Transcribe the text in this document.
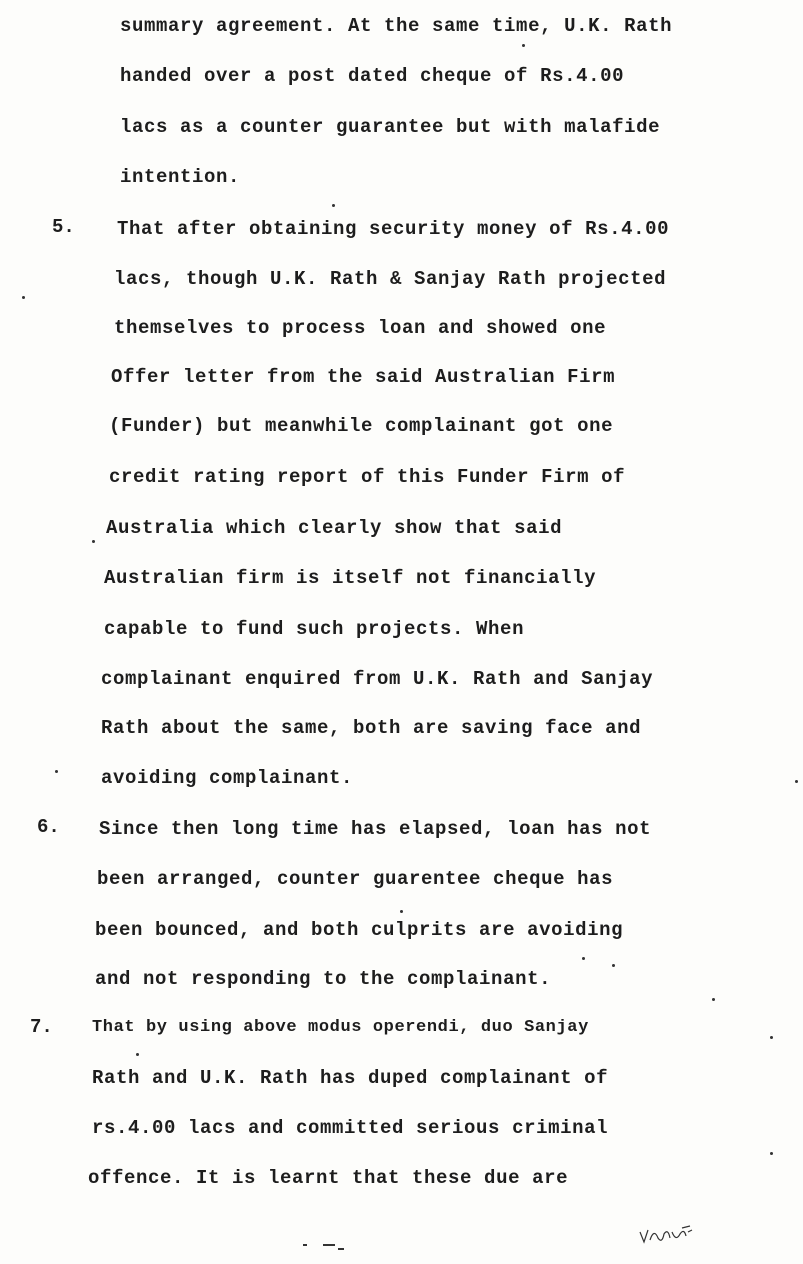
summary agreement. At the same time, U.K. Rath
handed over a post dated cheque of Rs.4.00
lacs as a counter guarantee but with malafide
intention.
5. That after obtaining security money of Rs.4.00
lacs, though U.K. Rath & Sanjay Rath projected
themselves to process loan and showed one
Offer letter from the said Australian Firm
(Funder) but meanwhile complainant got one
credit rating report of this Funder Firm of
Australia which clearly show that said
Australian firm is itself not financially
capable to fund such projects. When
complainant enquired from U.K. Rath and Sanjay
Rath about the same, both are saving face and
avoiding complainant.
6. Since then long time has elapsed, loan has not
been arranged, counter guarentee cheque has
been bounced, and both culprits are avoiding
and not responding to the complainant.
7. That by using above modus operendi, duo Sanjay
Rath and U.K. Rath has duped complainant of
rs.4.00 lacs and committed serious criminal
offence. It is learnt that these due are
